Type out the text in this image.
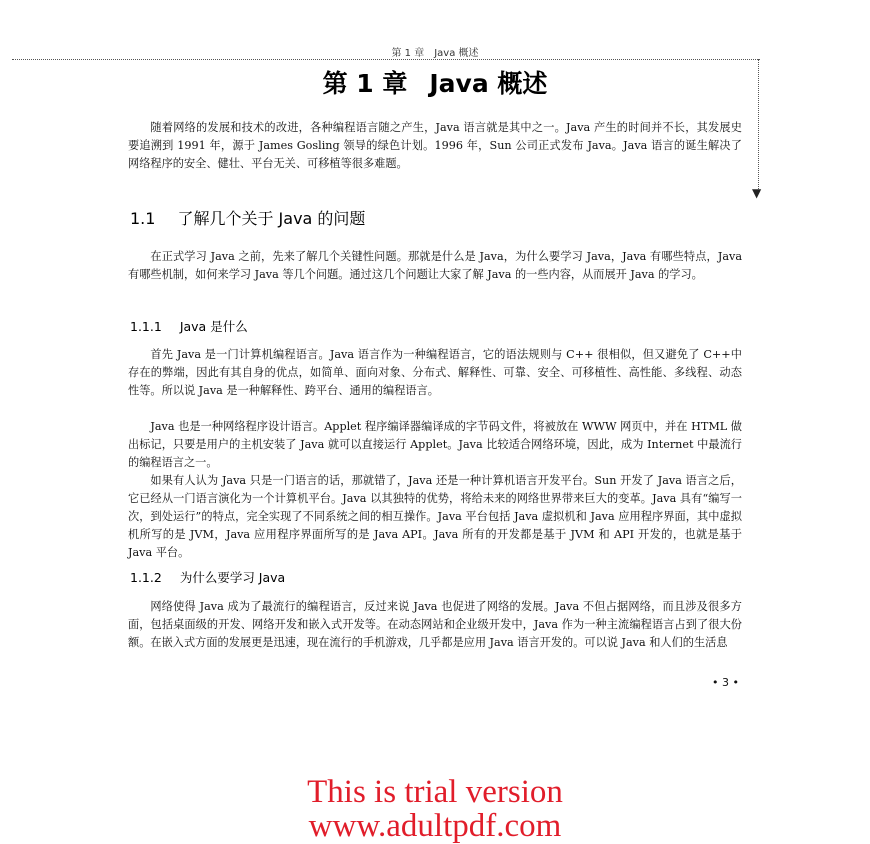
第 1 章　Java 概述
▼
第 1 章 Java 概述

随着网络的发展和技术的改进，各种编程语言随之产生，Java 语言就是其中之一。Java 产生的时间并不长，其发展史要追溯到 1991 年，源于 James Gosling 领导的绿色计划。1996 年，Sun 公司正式发布 Java。Java 语言的诞生解决了网络程序的安全、健壮、平台无关、可移植等很多难题。

1.1 了解几个关于 Java 的问题

在正式学习 Java 之前，先来了解几个关键性问题。那就是什么是 Java，为什么要学习 Java，Java 有哪些特点，Java 有哪些机制，如何来学习 Java 等几个问题。通过这几个问题让大家了解 Java 的一些内容，从而展开 Java 的学习。

1.1.1 Java 是什么

首先 Java 是一门计算机编程语言。Java 语言作为一种编程语言，它的语法规则与 C++ 很相似，但又避免了 C++中存在的弊端，因此有其自身的优点，如简单、面向对象、分布式、解释性、可靠、安全、可移植性、高性能、多线程、动态性等。所以说 Java 是一种解释性、跨平台、通用的编程语言。

Java 也是一种网络程序设计语言。Applet 程序编译器编译成的字节码文件，将被放在 WWW 网页中，并在 HTML 做出标记，只要是用户的主机安装了 Java 就可以直接运行 Applet。Java 比较适合网络环境，因此，成为 Internet 中最流行的编程语言之一。

如果有人认为 Java 只是一门语言的话，那就错了，Java 还是一种计算机语言开发平台。Sun 开发了 Java 语言之后，它已经从一门语言演化为一个计算机平台。Java 以其独特的优势，将给未来的网络世界带来巨大的变革。Java 具有“编写一次，到处运行”的特点，完全实现了不同系统之间的相互操作。Java 平台包括 Java 虚拟机和 Java 应用程序界面，其中虚拟机所写的是 JVM，Java 应用程序界面所写的是 Java API。Java 所有的开发都是基于 JVM 和 API 开发的，也就是基于 Java 平台。

1.1.2 为什么要学习 Java

网络使得 Java 成为了最流行的编程语言，反过来说 Java 也促进了网络的发展。Java 不但占据网络，而且涉及很多方面，包括桌面级的开发、网络开发和嵌入式开发等。在动态网站和企业级开发中，Java 作为一种主流编程语言占到了很大份额。在嵌入式方面的发展更是迅速，现在流行的手机游戏，几乎都是应用 Java 语言开发的。可以说 Java 和人们的生活息

• 3 •
This is trial version
www.adultpdf.com
